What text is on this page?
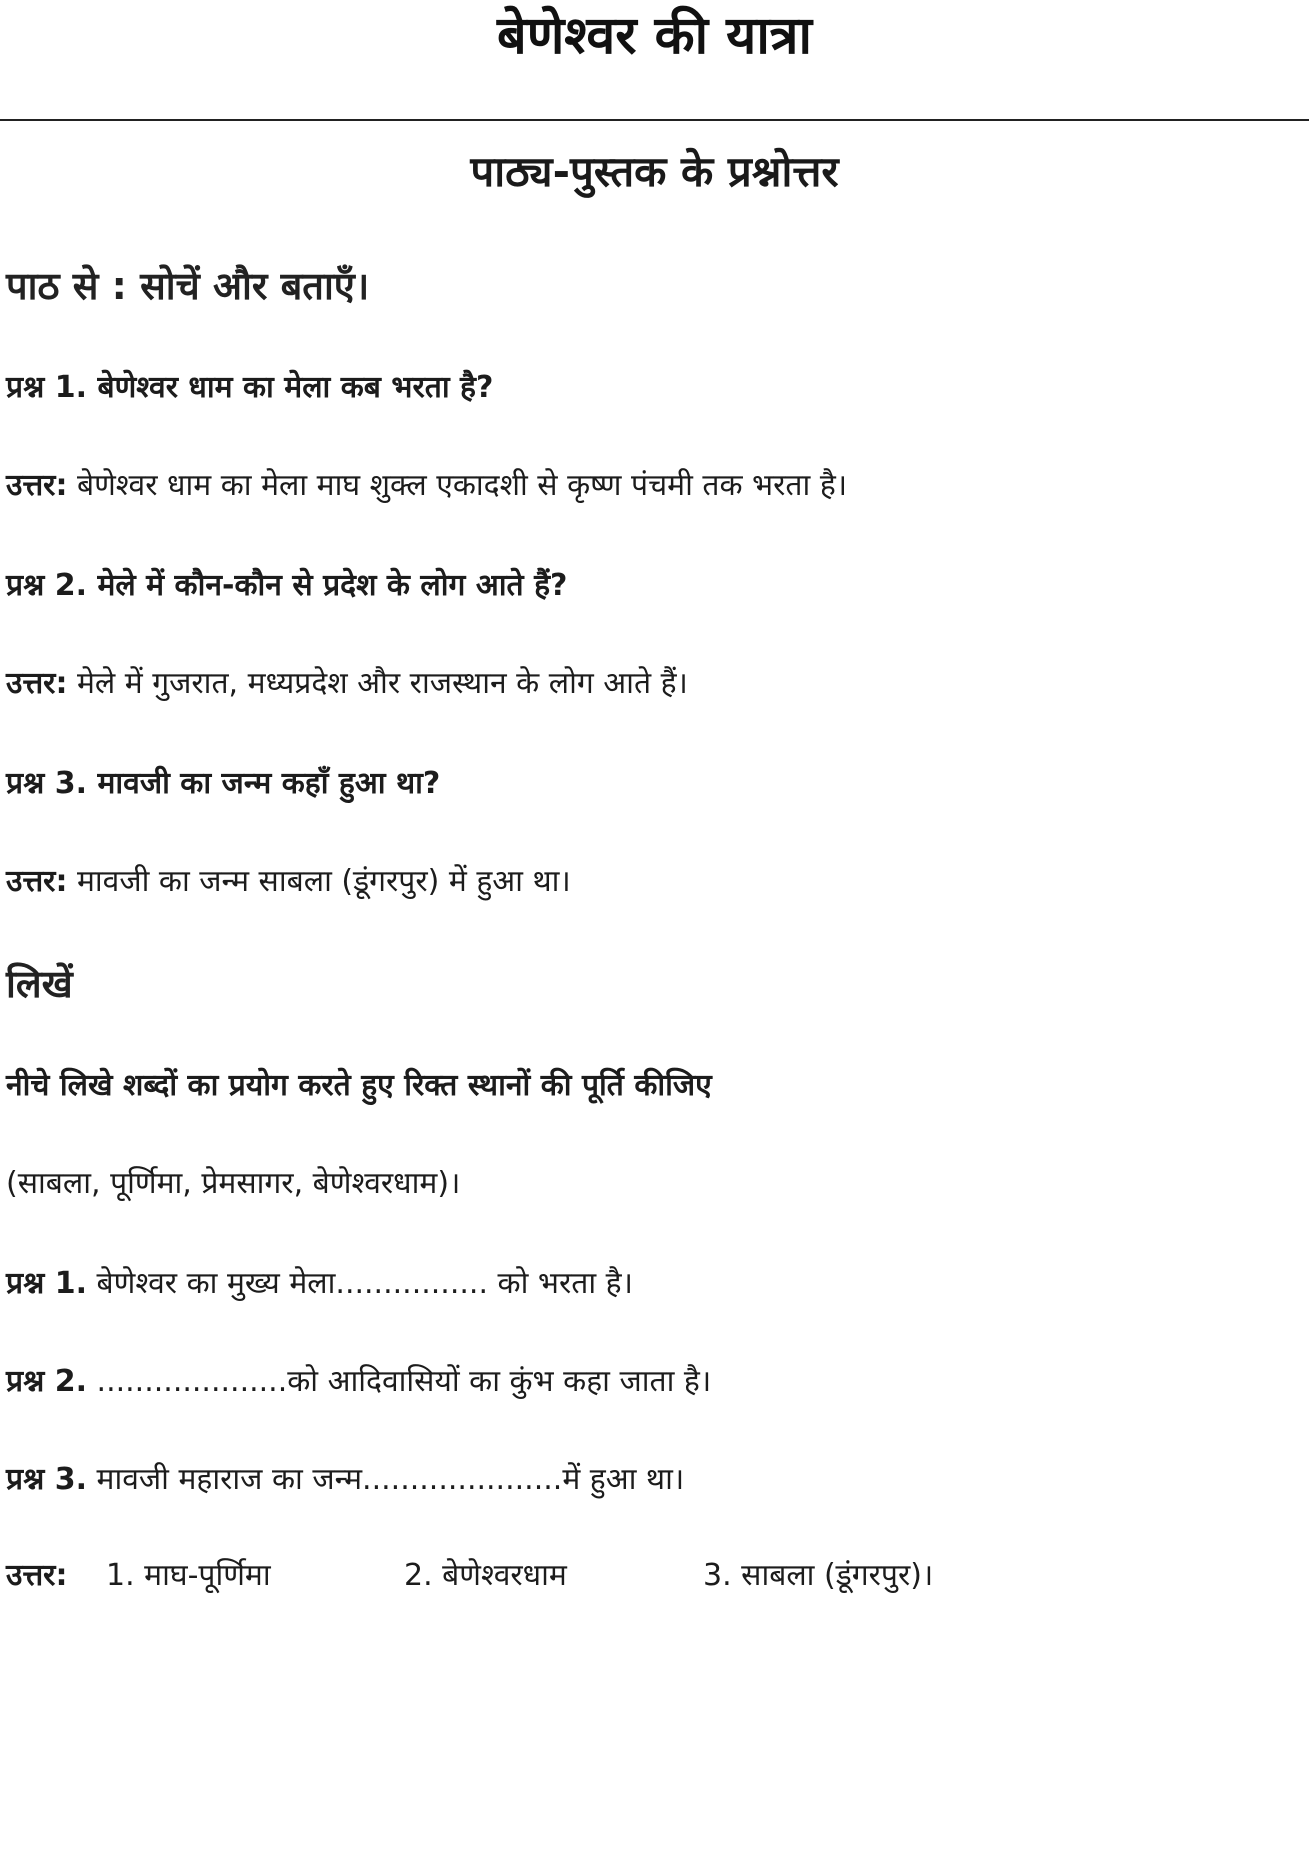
बेणेश्वर की यात्रा
पाठ्य-पुस्तक के प्रश्नोत्तर
पाठ से : सोचें और बताएँ।
प्रश्न 1. बेणेश्वर धाम का मेला कब भरता है?
उत्तर: बेणेश्वर धाम का मेला माघ शुक्ल एकादशी से कृष्ण पंचमी तक भरता है।
प्रश्न 2. मेले में कौन-कौन से प्रदेश के लोग आते हैं?
उत्तर: मेले में गुजरात, मध्यप्रदेश और राजस्थान के लोग आते हैं।
प्रश्न 3. मावजी का जन्म कहाँ हुआ था?
उत्तर: मावजी का जन्म साबला (डूंगरपुर) में हुआ था।
लिखें
नीचे लिखे शब्दों का प्रयोग करते हुए रिक्त स्थानों की पूर्ति कीजिए
(साबला, पूर्णिमा, प्रेमसागर, बेणेश्वरधाम)।
प्रश्न 1. बेणेश्वर का मुख्य मेला................ को भरता है।
प्रश्न 2. ....................को आदिवासियों का कुंभ कहा जाता है।
प्रश्न 3. मावजी महाराज का जन्म.....................में हुआ था।
उत्तर: 1. माघ-पूर्णिमा	2. बेणेश्वरधाम	3. साबला (डूंगरपुर)।
